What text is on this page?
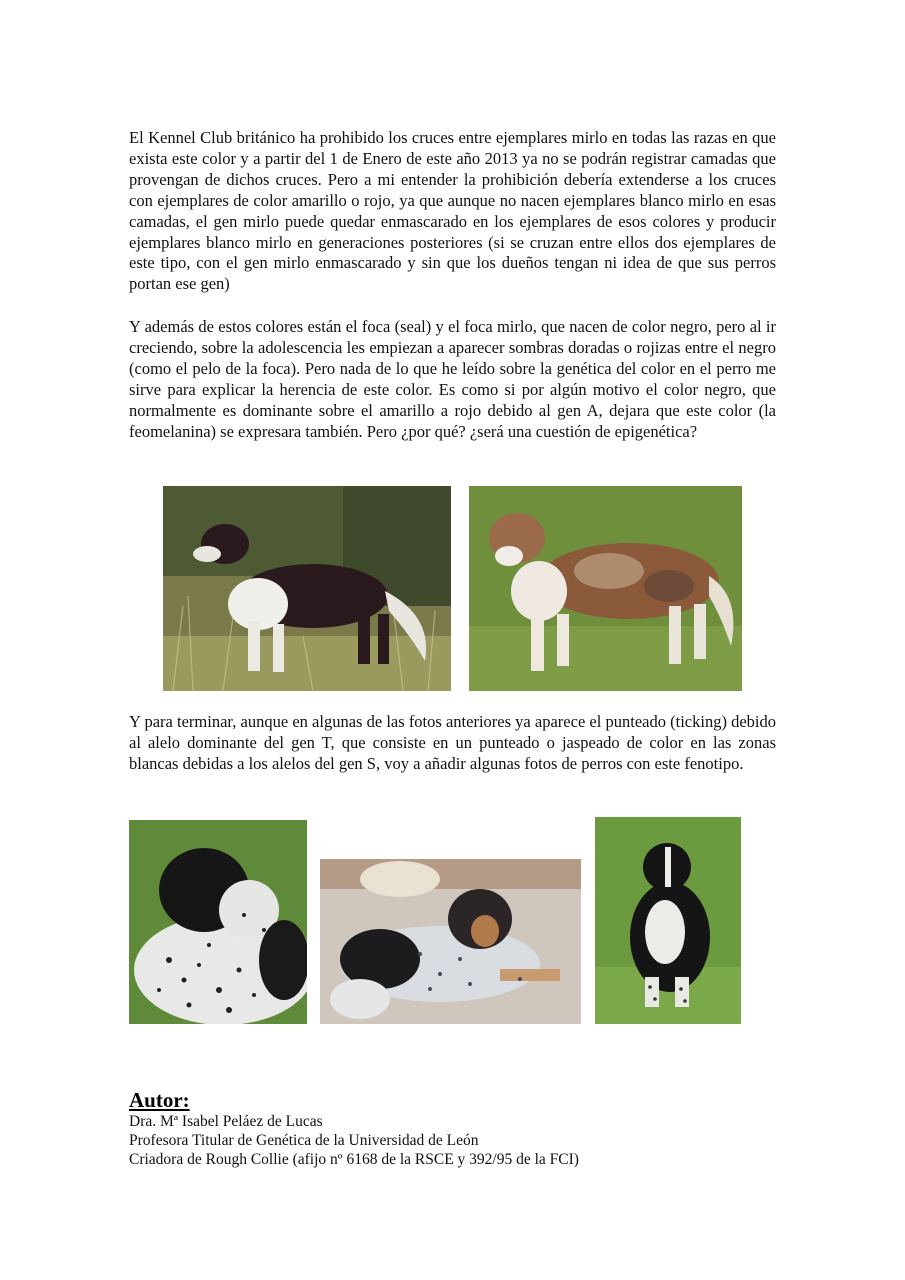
El Kennel Club británico ha prohibido los cruces entre ejemplares mirlo en todas las razas en que exista este color y a partir del 1 de Enero de este año 2013 ya no se podrán registrar camadas que provengan de dichos cruces. Pero a mi entender la prohibición debería extenderse a los cruces con ejemplares de color amarillo o rojo, ya que aunque no nacen ejemplares blanco mirlo en esas camadas, el gen mirlo puede quedar enmascarado en los ejemplares de esos colores y producir ejemplares blanco mirlo en generaciones posteriores (si se cruzan entre ellos dos ejemplares de este tipo, con el gen mirlo enmascarado y sin que los dueños tengan ni idea de que sus perros portan ese gen)

Y además de estos colores están el foca (seal) y el foca mirlo, que nacen de color negro, pero al ir creciendo, sobre la adolescencia les empiezan a aparecer sombras doradas o rojizas entre el negro (como el pelo de la foca). Pero nada de lo que he leído sobre la genética del color en el perro me sirve para explicar la herencia de este color. Es como si por algún motivo el color negro, que normalmente es dominante sobre el amarillo a rojo debido al gen A, dejara que este color (la feomelanina) se expresara también. Pero ¿por qué? ¿será una cuestión de epigenética?

Y para terminar, aunque en algunas de las fotos anteriores ya aparece el punteado (ticking) debido al alelo dominante del gen T, que consiste en un punteado o jaspeado de color en las zonas blancas debidas a los alelos del gen S, voy a añadir algunas fotos de perros con este fenotipo.

Autor:
Dra. Mª Isabel Peláez de Lucas
Profesora Titular de Genética de la Universidad de León
Criadora de Rough Collie (afijo nº 6168 de la RSCE y 392/95 de la FCI)
